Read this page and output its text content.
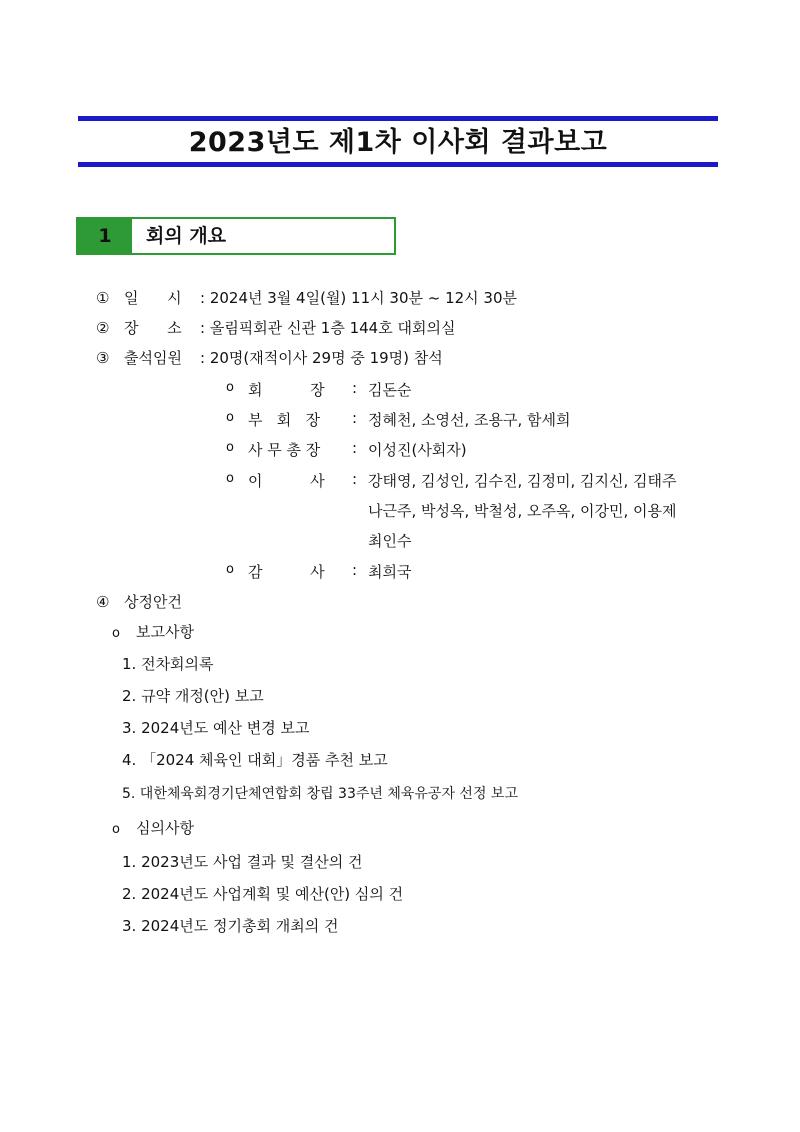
2023년도 제1차 이사회 결과보고
1	회의 개요
① 일      시 : 2024년 3월 4일(월) 11시 30분 ~ 12시 30분
② 장      소 : 올림픽회관 신관 1층 144호 대회의실
③ 출석임원 : 20명(재적이사 29명 중 19명) 참석
o 회          장 : 김돈순
o 부   회   장 : 정혜천, 소영선, 조용구, 함세희
o 사 무 총 장 : 이성진(사회자)
o 이          사 : 강태영, 김성인, 김수진, 김정미, 김지신, 김태주
나근주, 박성옥, 박철성, 오주옥, 이강민, 이용제
최인수
o 감          사 : 최희국
④ 상정안건
o 보고사항
1. 전차회의록
2. 규약 개정(안) 보고
3. 2024년도 예산 변경 보고
4. 「2024 체육인 대회」경품 추천 보고
5. 대한체육회경기단체연합회 창립 33주년 체육유공자 선정 보고
o 심의사항
1. 2023년도 사업 결과 및 결산의 건
2. 2024년도 사업계획 및 예산(안) 심의 건
3. 2024년도 정기총회 개최의 건
